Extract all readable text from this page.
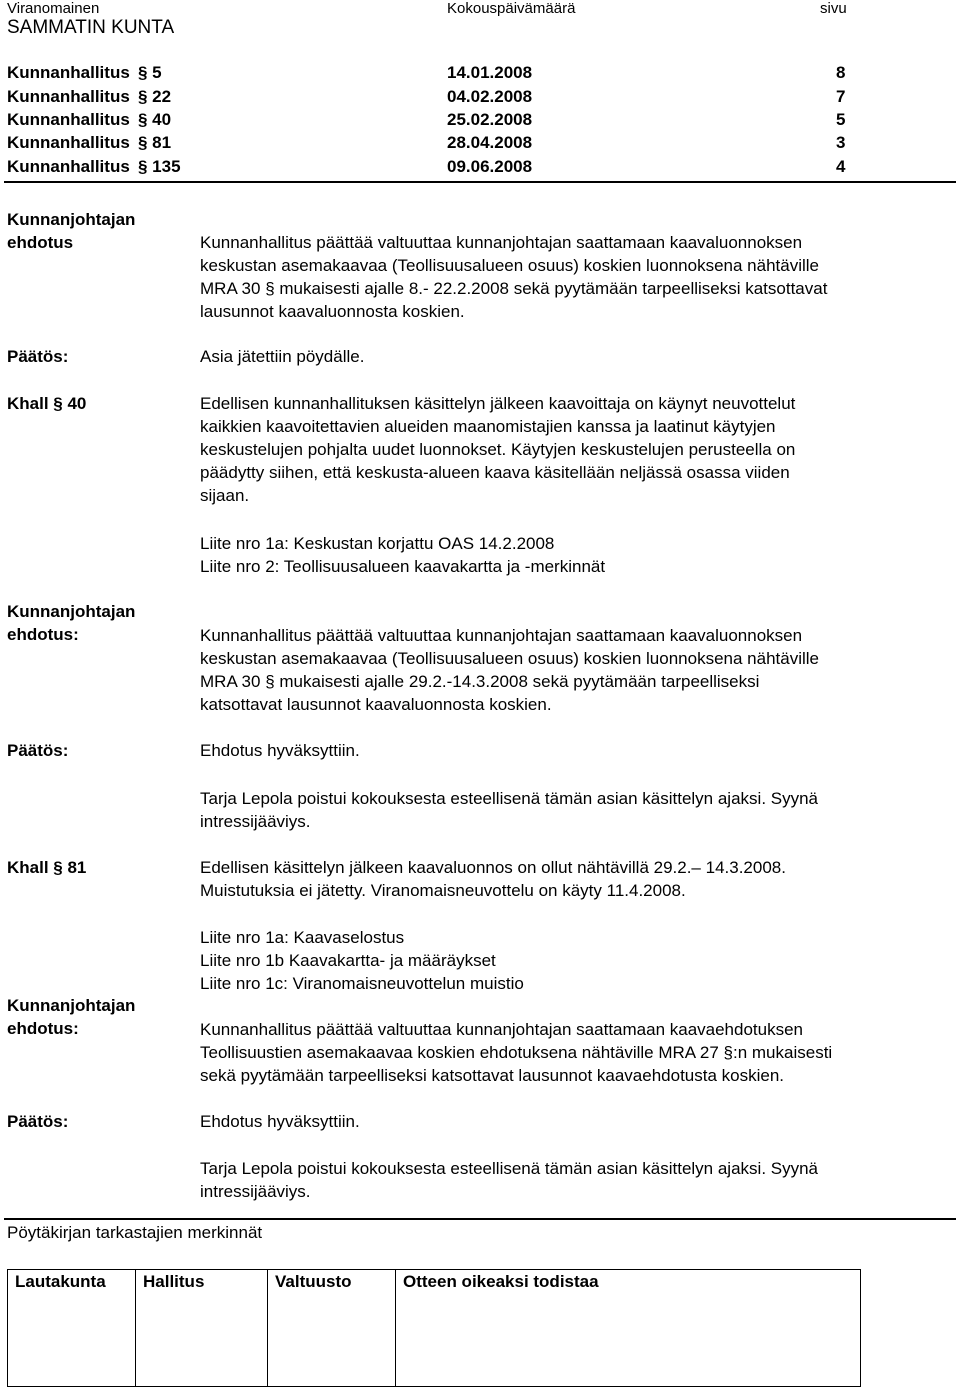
Viranomainen	Kokouspäivämäärä	sivu
SAMMATIN KUNTA
Kunnanhallitus § 5	14.01.2008	8
Kunnanhallitus § 22	04.02.2008	7
Kunnanhallitus § 40	25.02.2008	5
Kunnanhallitus § 81	28.04.2008	3
Kunnanhallitus § 135	09.06.2008	4
Kunnanjohtajan
ehdotus	Kunnanhallitus päättää valtuuttaa kunnanjohtajan saattamaan kaavaluonnoksen
keskustan asemakaavaa (Teollisuusalueen osuus) koskien luonnoksena nähtäville
MRA 30 § mukaisesti ajalle 8.- 22.2.2008 sekä pyytämään tarpeelliseksi katsottavat
lausunnot kaavaluonnosta koskien.
Päätös:	Asia jätettiin pöydälle.
Khall § 40	Edellisen kunnanhallituksen käsittelyn jälkeen kaavoittaja on käynyt neuvottelut
kaikkien kaavoitettavien alueiden maanomistajien kanssa ja laatinut käytyjen
keskustelujen pohjalta uudet luonnokset. Käytyjen keskustelujen perusteella on
päädytty siihen, että keskusta-alueen kaava käsitellään neljässä osassa viiden
sijaan.
Liite nro 1a: Keskustan korjattu OAS 14.2.2008
Liite nro 2: Teollisuusalueen kaavakartta ja -merkinnät
Kunnanjohtajan
ehdotus:	Kunnanhallitus päättää valtuuttaa kunnanjohtajan saattamaan kaavaluonnoksen
keskustan asemakaavaa (Teollisuusalueen osuus) koskien luonnoksena nähtäville
MRA 30 § mukaisesti ajalle 29.2.-14.3.2008 sekä pyytämään tarpeelliseksi
katsottavat lausunnot kaavaluonnosta koskien.
Päätös:	Ehdotus hyväksyttiin.
Tarja Lepola poistui kokouksesta esteellisenä tämän asian käsittelyn ajaksi. Syynä
intressijääviys.
Khall § 81	Edellisen käsittelyn jälkeen kaavaluonnos on ollut nähtävillä 29.2.– 14.3.2008.
Muistutuksia ei jätetty. Viranomaisneuvottelu on käyty 11.4.2008.
Liite nro 1a: Kaavaselostus
Liite nro 1b Kaavakartta- ja määräykset
Liite nro 1c: Viranomaisneuvottelun muistio
Kunnanjohtajan
ehdotus:	Kunnanhallitus päättää valtuuttaa kunnanjohtajan saattamaan kaavaehdotuksen
Teollisuustien asemakaavaa koskien ehdotuksena nähtäville MRA 27 §:n mukaisesti
sekä pyytämään tarpeelliseksi katsottavat lausunnot kaavaehdotusta koskien.
Päätös:	Ehdotus hyväksyttiin.
Tarja Lepola poistui kokouksesta esteellisenä tämän asian käsittelyn ajaksi. Syynä
intressijääviys.
Pöytäkirjan tarkastajien merkinnät
Lautakunta	Hallitus	Valtuusto	Otteen oikeaksi todistaa
